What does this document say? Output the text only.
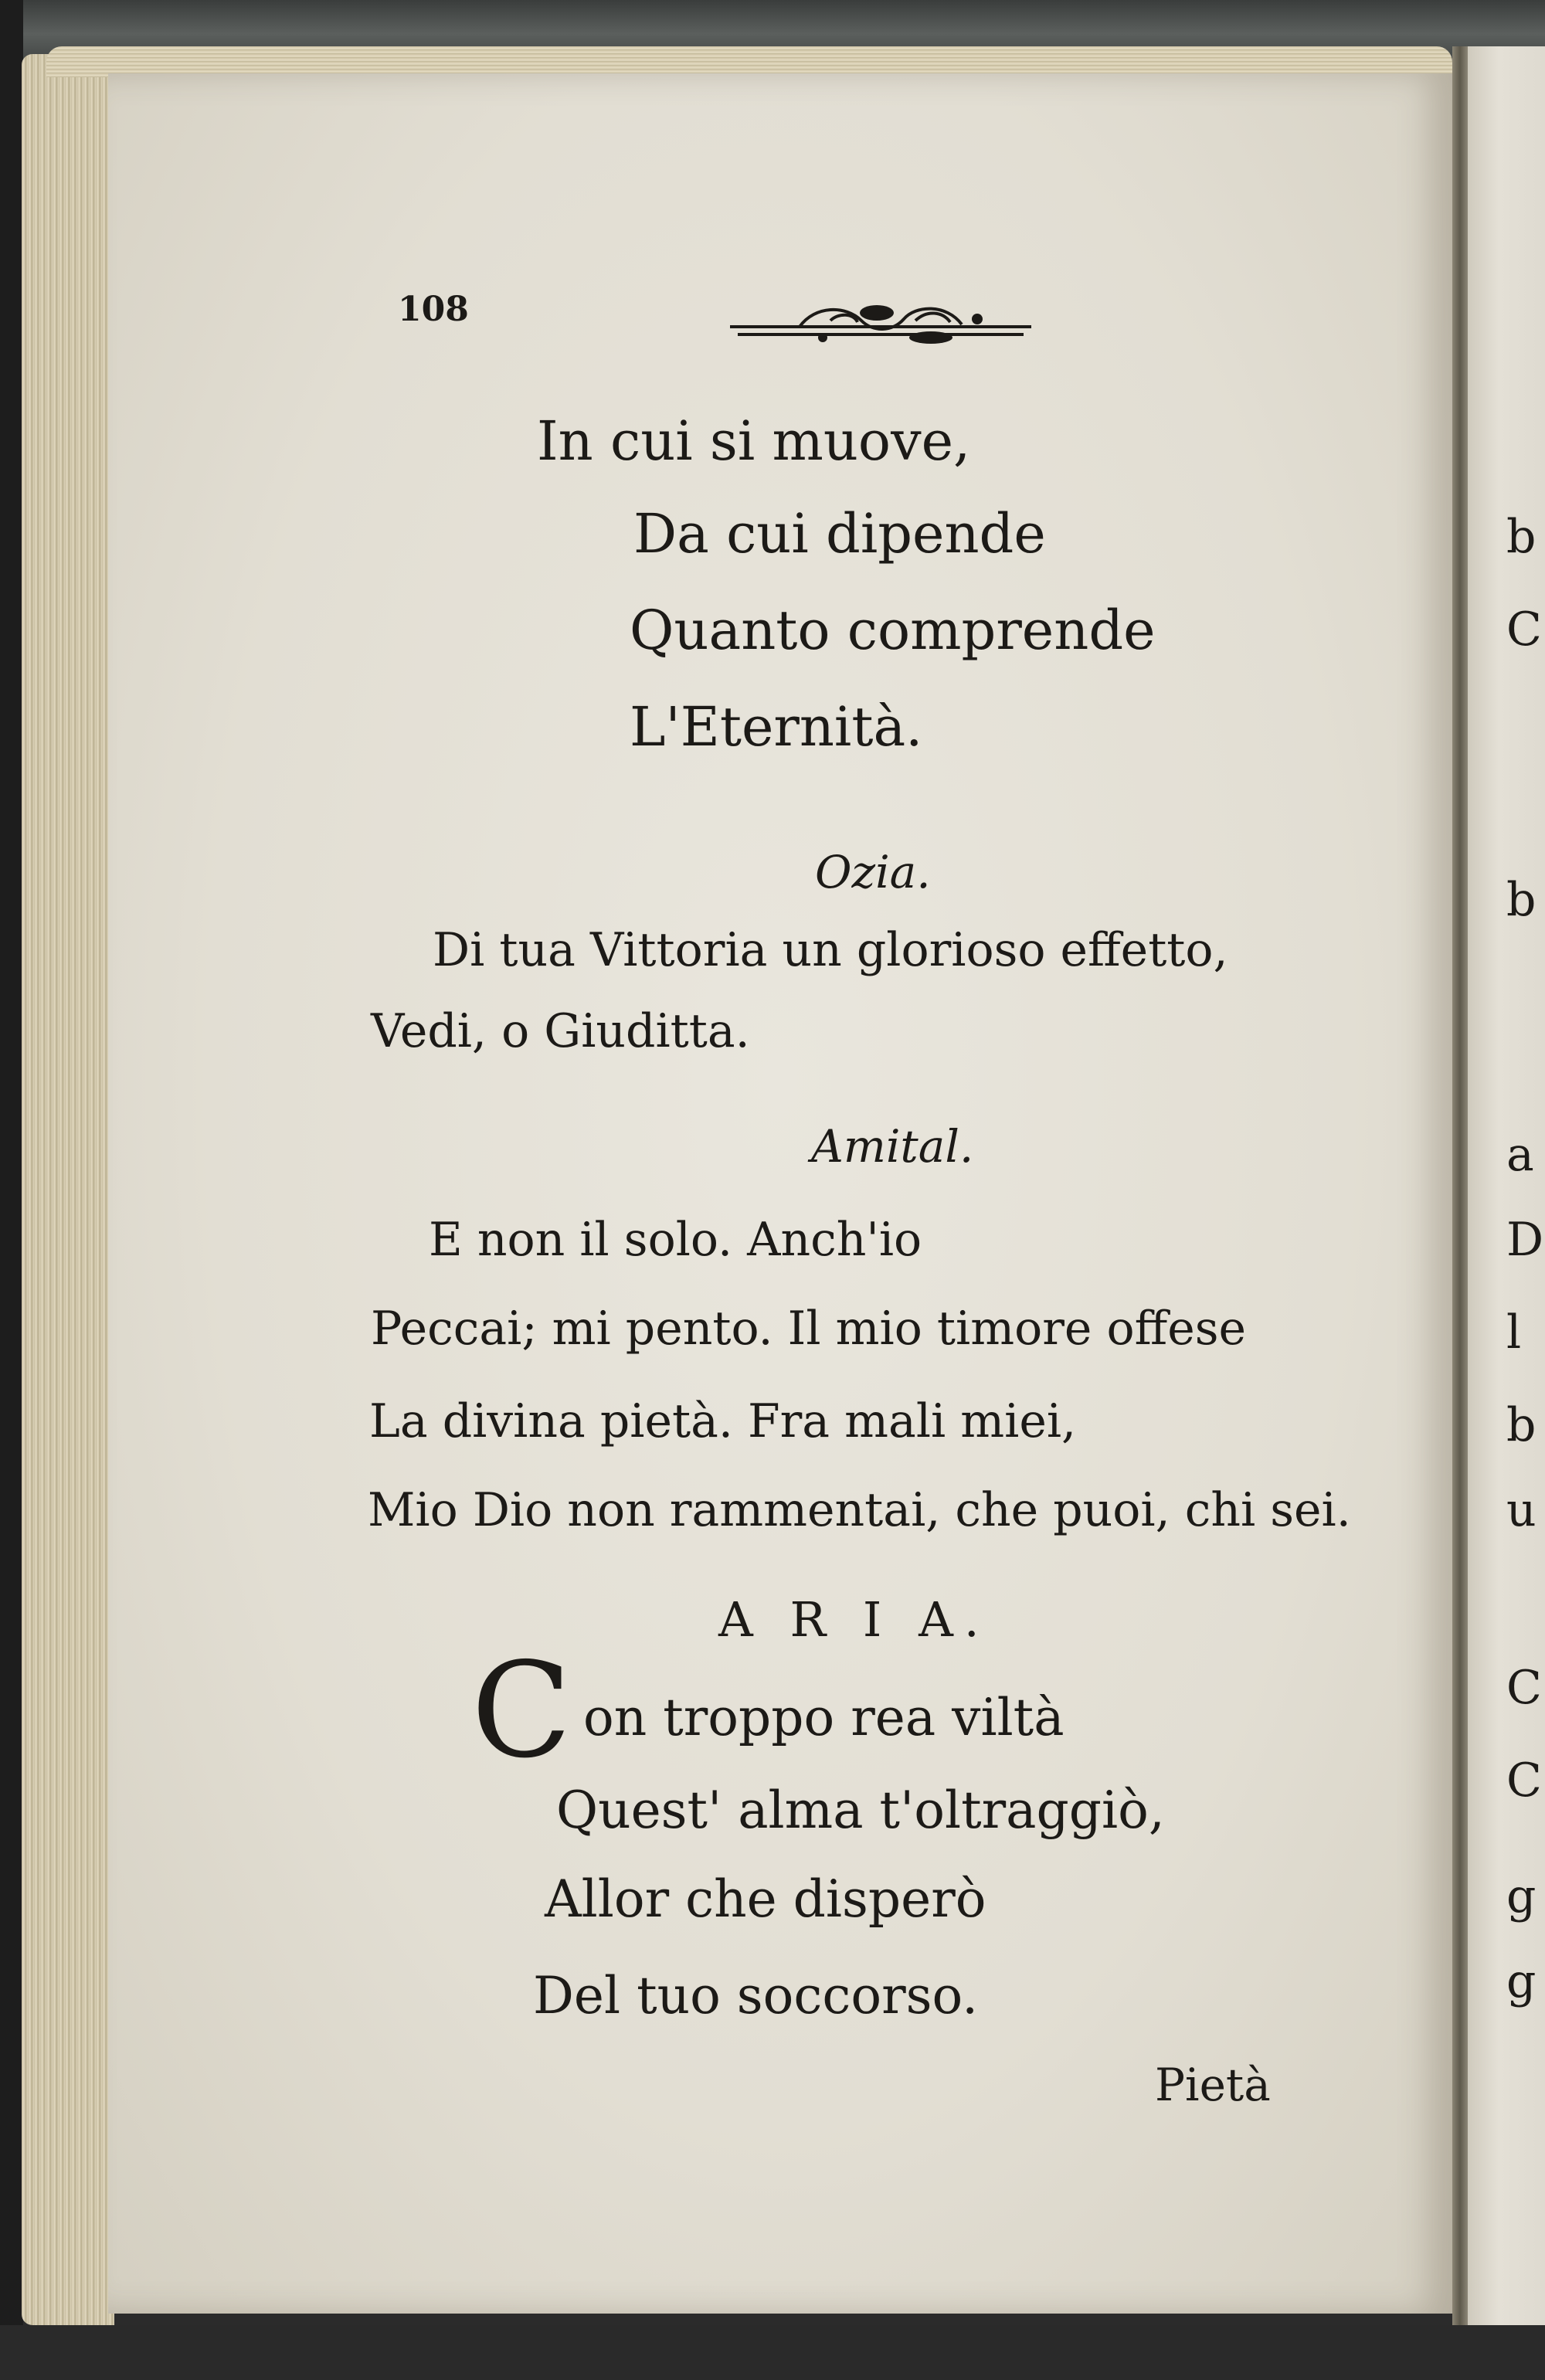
108
In cui si muove,
Da cui dipende
Quanto comprende
L'Eternità.
Ozia.
Di tua Vittoria un glorioso effetto,
Vedi, o Giuditta.
Amital.
E non il solo. Anch'io
Peccai; mi pento. Il mio timore offese
La divina pietà. Fra mali miei,
Mio Dio non rammentai, che puoi, chi sei.
A R I A.
C on troppo rea viltà
Quest' alma t'oltraggiò,
Allor che disperò
Del tuo soccorso.
Pietà
b
C
b
a
D
l
b
u
C
C
g
g
